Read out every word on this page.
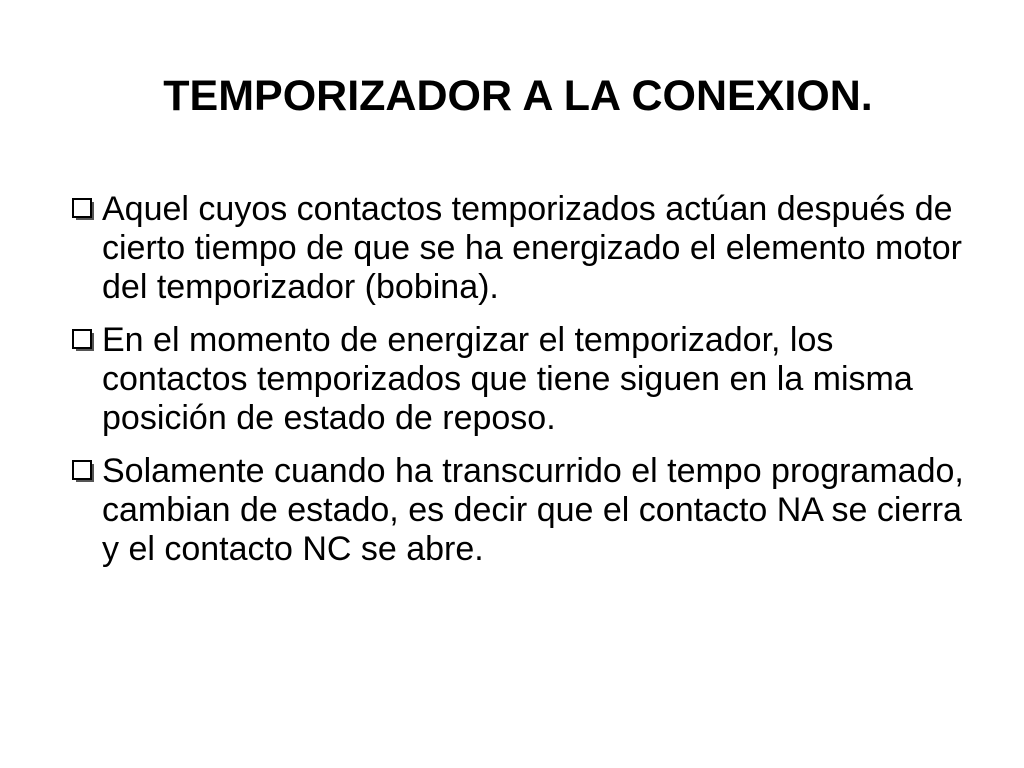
TEMPORIZADOR A LA CONEXION.
Aquel cuyos contactos temporizados actúan después de cierto tiempo de que se ha energizado el elemento motor del temporizador (bobina).
En el momento de energizar el temporizador, los contactos temporizados que tiene siguen en la misma posición de estado de reposo.
Solamente cuando ha transcurrido el tempo programado, cambian de estado, es decir que el contacto NA se cierra y el contacto NC se abre.
